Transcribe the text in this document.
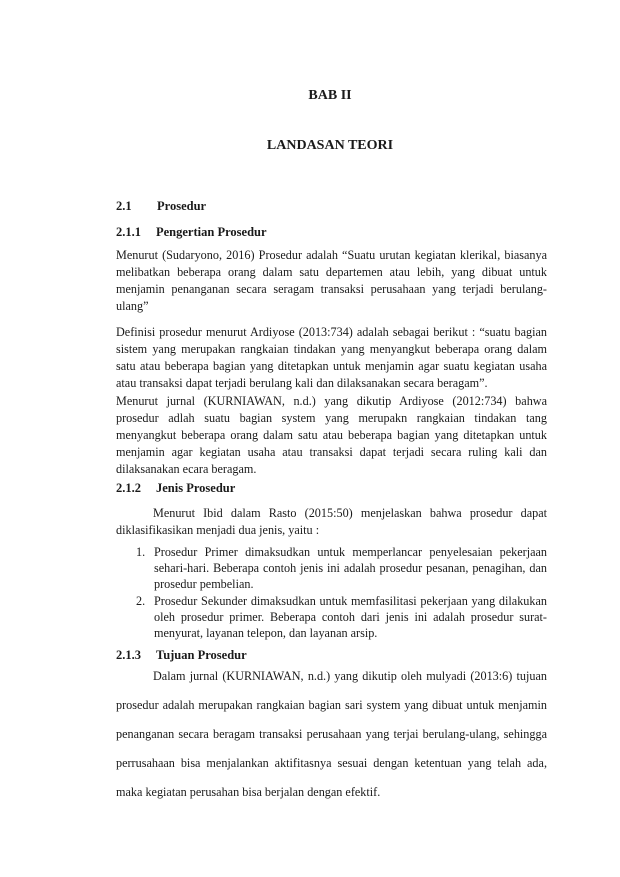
BAB II
LANDASAN TEORI
2.1 Prosedur
2.1.1 Pengertian Prosedur

Menurut (Sudaryono, 2016) Prosedur adalah “Suatu urutan kegiatan klerikal, biasanya melibatkan beberapa orang dalam satu departemen atau lebih, yang dibuat untuk menjamin penanganan secara seragam transaksi perusahaan yang terjadi berulang-ulang”

Definisi prosedur menurut Ardiyose (2013:734) adalah sebagai berikut : “suatu bagian sistem yang merupakan rangkaian tindakan yang menyangkut beberapa orang dalam satu atau beberapa bagian yang ditetapkan untuk menjamin agar suatu kegiatan usaha atau transaksi dapat terjadi berulang kali dan dilaksanakan secara beragam”.

Menurut jurnal (KURNIAWAN, n.d.) yang dikutip Ardiyose (2012:734) bahwa prosedur adlah suatu bagian system yang merupakn rangkaian tindakan tang menyangkut beberapa orang dalam satu atau beberapa bagian yang ditetapkan untuk menjamin agar kegiatan usaha atau transaksi dapat terjadi secara ruling kali dan dilaksanakan ecara beragam.

2.1.2 Jenis Prosedur

Menurut Ibid dalam Rasto (2015:50) menjelaskan bahwa prosedur dapat diklasifikasikan menjadi dua jenis, yaitu :

1. Prosedur Primer dimaksudkan untuk memperlancar penyelesaian pekerjaan sehari-hari. Beberapa contoh jenis ini adalah prosedur pesanan, penagihan, dan prosedur pembelian.
2. Prosedur Sekunder dimaksudkan untuk memfasilitasi pekerjaan yang dilakukan oleh prosedur primer. Beberapa contoh dari jenis ini adalah prosedur surat-menyurat, layanan telepon, dan layanan arsip.
2.1.3 Tujuan Prosedur

Dalam jurnal (KURNIAWAN, n.d.) yang dikutip oleh mulyadi (2013:6) tujuan prosedur adalah merupakan rangkaian bagian sari system yang dibuat untuk menjamin penanganan secara beragam transaksi perusahaan yang terjai berulang-ulang, sehingga perrusahaan bisa menjalankan aktifitasnya sesuai dengan ketentuan yang telah ada, maka kegiatan perusahan bisa berjalan dengan efektif.
